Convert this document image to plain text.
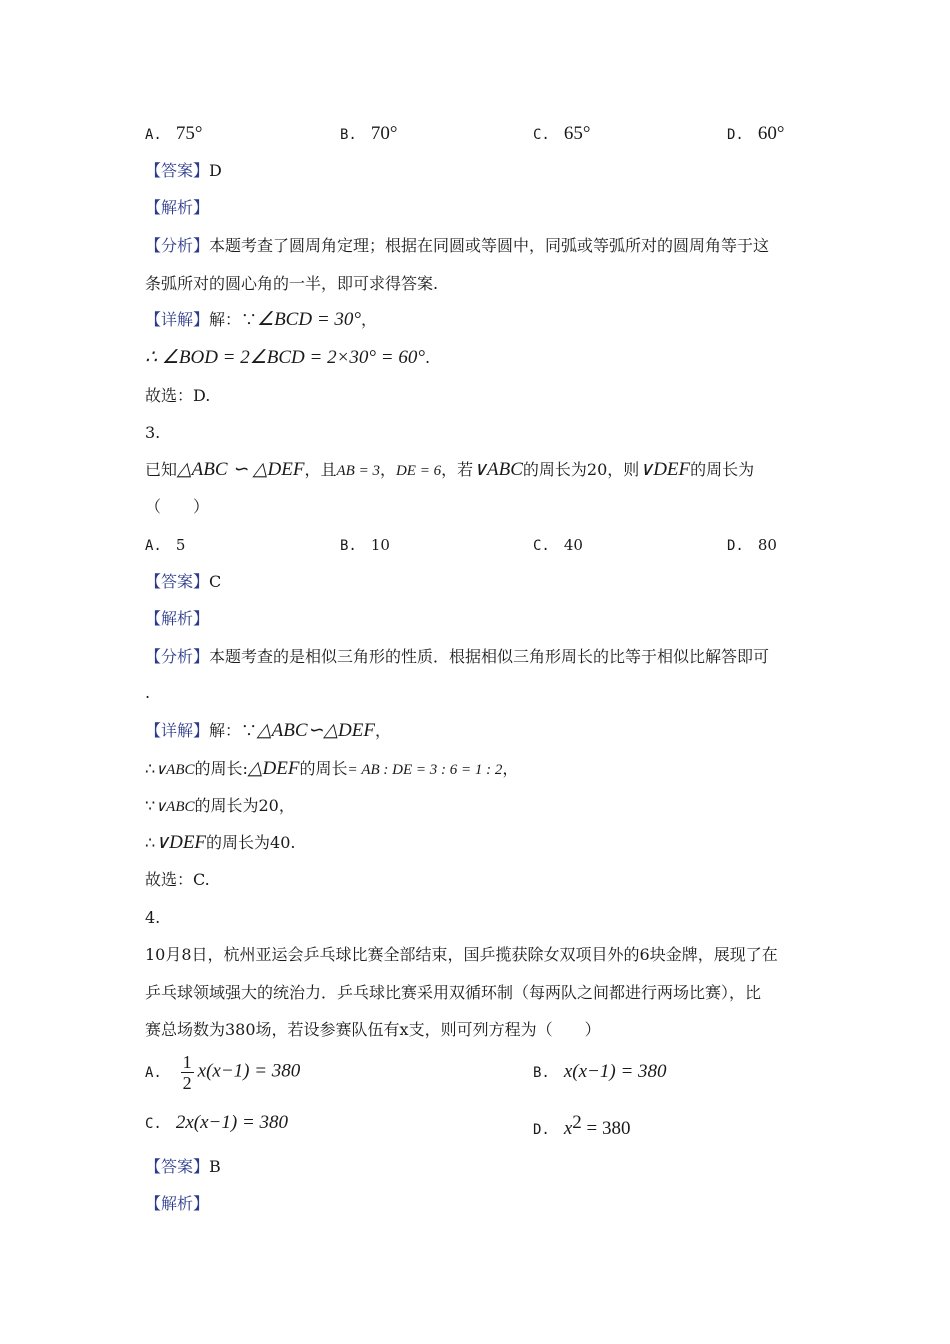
A. 75°	B. 70°	C. 65°	D. 60°
【答案】D
【解析】
【分析】本题考查了圆周角定理；根据在同圆或等圆中，同弧或等弧所对的圆周角等于这
条弧所对的圆心角的一半，即可求得答案.
【详解】解：∵∠BCD = 30°，
∴ ∠BOD = 2∠BCD = 2×30° = 60°.
故选：D.
3.
已知△ABC ∽ △DEF，且AB = 3，DE = 6，若∨ABC的周长为20，则∨DEF的周长为
（　　）
A. 5	B. 10	C. 40	D. 80
【答案】C
【解析】
【分析】本题考查的是相似三角形的性质．根据相似三角形周长的比等于相似比解答即可
.
【详解】解：∵△ABC∽△DEF，
∴∨ABC的周长:△DEF的周长= AB : DE = 3 : 6 = 1 : 2，
∵∨ABC的周长为20，
∴∨DEF的周长为40.
故选：C.
4.
10月8日，杭州亚运会乒乓球比赛全部结束，国乒揽获除女双项目外的6块金牌，展现了在
乒乓球领域强大的统治力．乒乓球比赛采用双循环制（每两队之间都进行两场比赛），比
赛总场数为380场，若设参赛队伍有x支，则可列方程为（　　）
A. $\frac{1}{2} x(x-1) = 380$	B. x(x−1) = 380
C. 2x(x−1) = 380	D. $x^2 = 380$
【答案】B
【解析】
